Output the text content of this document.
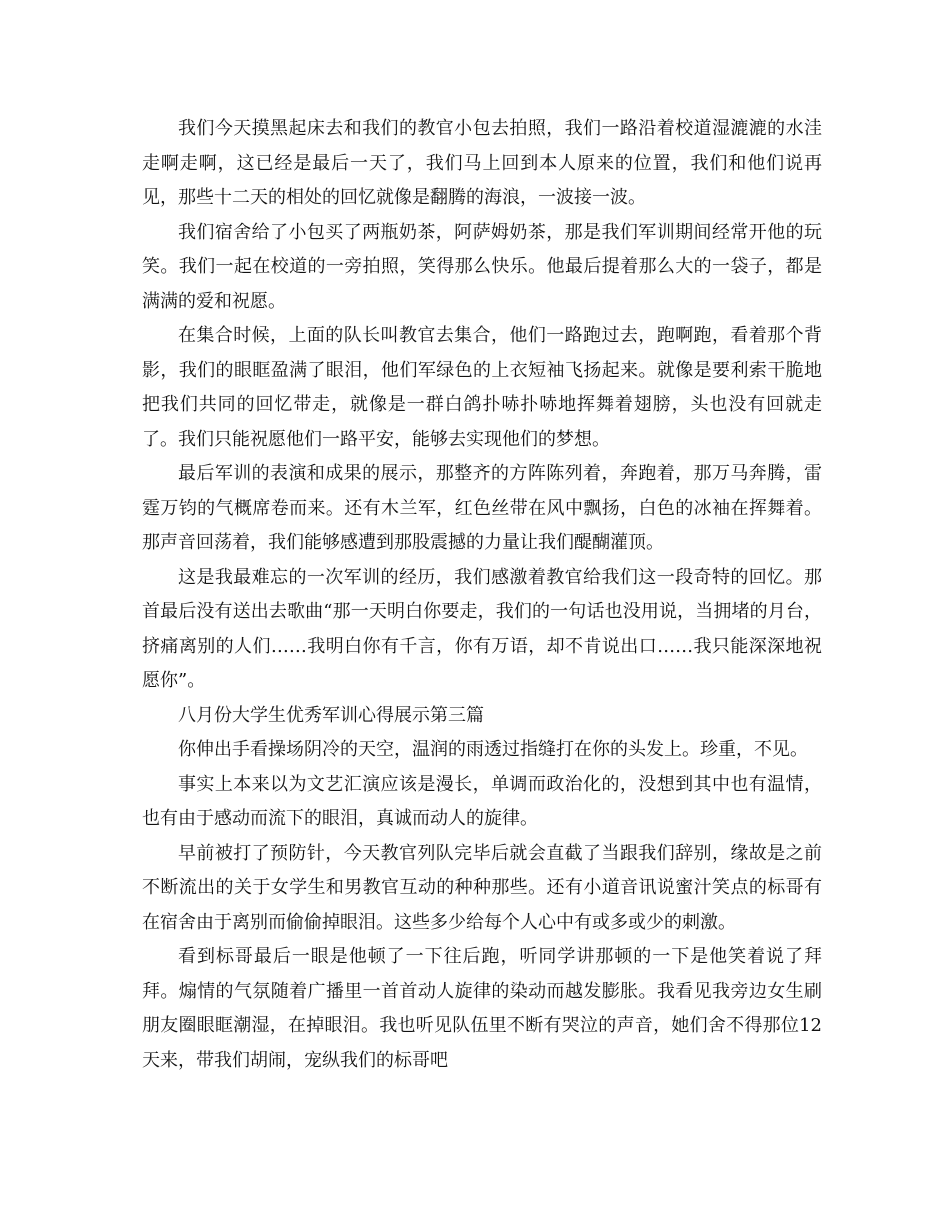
我们今天摸黑起床去和我们的教官小包去拍照，我们一路沿着校道湿漉漉的水洼走啊走啊，这已经是最后一天了，我们马上回到本人原来的位置，我们和他们说再见，那些十二天的相处的回忆就像是翻腾的海浪，一波接一波。

我们宿舍给了小包买了两瓶奶茶，阿萨姆奶茶，那是我们军训期间经常开他的玩笑。我们一起在校道的一旁拍照，笑得那么快乐。他最后提着那么大的一袋子，都是满满的爱和祝愿。

在集合时候，上面的队长叫教官去集合，他们一路跑过去，跑啊跑，看着那个背影，我们的眼眶盈满了眼泪，他们军绿色的上衣短袖飞扬起来。就像是要利索干脆地把我们共同的回忆带走，就像是一群白鸽扑哧扑哧地挥舞着翅膀，头也没有回就走了。我们只能祝愿他们一路平安，能够去实现他们的梦想。

最后军训的表演和成果的展示，那整齐的方阵陈列着，奔跑着，那万马奔腾，雷霆万钧的气概席卷而来。还有木兰军，红色丝带在风中飘扬，白色的冰袖在挥舞着。那声音回荡着，我们能够感遭到那股震撼的力量让我们醍醐灌顶。

这是我最难忘的一次军训的经历，我们感激着教官给我们这一段奇特的回忆。那首最后没有送出去歌曲“那一天明白你要走，我们的一句话也没用说，当拥堵的月台，挤痛离别的人们……我明白你有千言，你有万语，却不肯说出口……我只能深深地祝愿你”。

八月份大学生优秀军训心得展示第三篇

你伸出手看操场阴冷的天空，温润的雨透过指缝打在你的头发上。珍重，不见。

事实上本来以为文艺汇演应该是漫长，单调而政治化的，没想到其中也有温情，也有由于感动而流下的眼泪，真诚而动人的旋律。

早前被打了预防针，今天教官列队完毕后就会直截了当跟我们辞别，缘故是之前不断流出的关于女学生和男教官互动的种种那些。还有小道音讯说蜜汁笑点的标哥有在宿舍由于离别而偷偷掉眼泪。这些多少给每个人心中有或多或少的刺激。

看到标哥最后一眼是他顿了一下往后跑，听同学讲那顿的一下是他笑着说了拜拜。煽情的气氛随着广播里一首首动人旋律的染动而越发膨胀。我看见我旁边女生刷朋友圈眼眶潮湿，在掉眼泪。我也听见队伍里不断有哭泣的声音，她们舍不得那位12天来，带我们胡闹，宠纵我们的标哥吧
